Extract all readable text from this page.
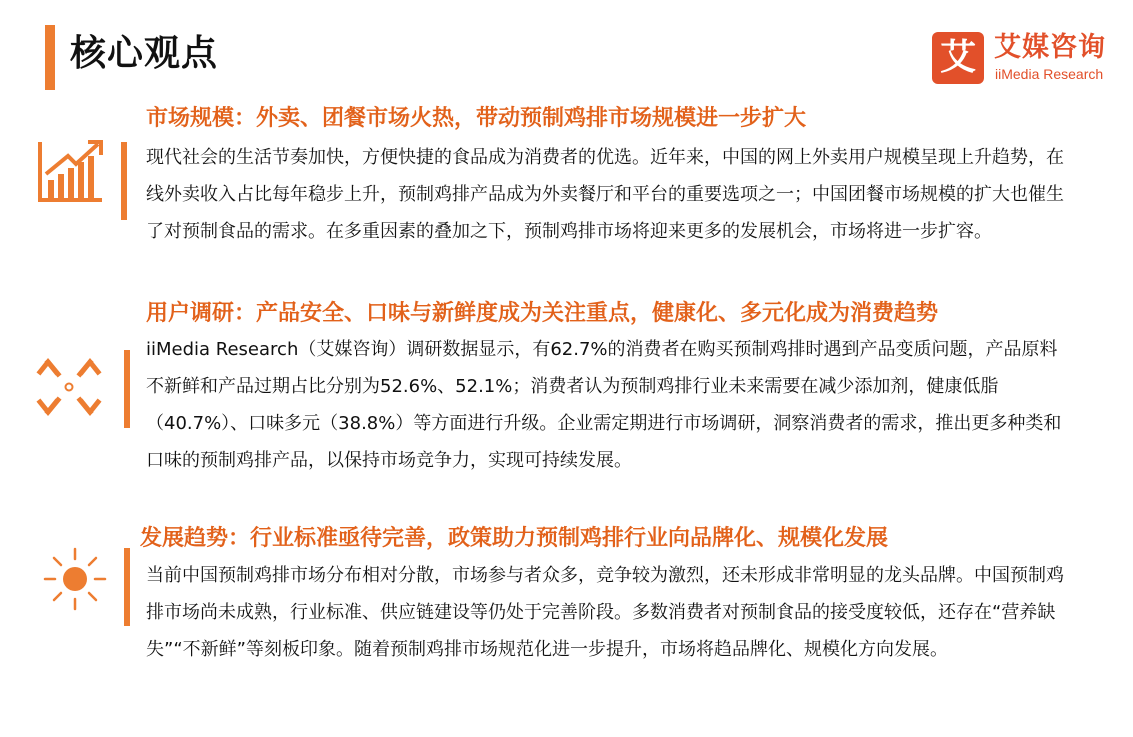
核心观点	艾 艾媒咨询
iiMedia Research
市场规模：外卖、团餐市场火热，带动预制鸡排市场规模进一步扩大

现代社会的生活节奏加快，方便快捷的食品成为消费者的优选。近年来，中国的网上外卖用户规模呈现上升趋势，在线外卖收入占比每年稳步上升，预制鸡排产品成为外卖餐厅和平台的重要选项之一；中国团餐市场规模的扩大也催生了对预制食品的需求。在多重因素的叠加之下，预制鸡排市场将迎来更多的发展机会，市场将进一步扩容。

用户调研：产品安全、口味与新鲜度成为关注重点，健康化、多元化成为消费趋势

iiMedia Research（艾媒咨询）调研数据显示，有62.7%的消费者在购买预制鸡排时遇到产品变质问题，产品原料不新鲜和产品过期占比分别为52.6%、52.1%；消费者认为预制鸡排行业未来需要在减少添加剂，健康低脂（40.7%）、口味多元（38.8%）等方面进行升级。企业需定期进行市场调研，洞察消费者的需求，推出更多种类和口味的预制鸡排产品，以保持市场竞争力，实现可持续发展。

发展趋势：行业标准亟待完善，政策助力预制鸡排行业向品牌化、规模化发展

当前中国预制鸡排市场分布相对分散，市场参与者众多，竞争较为激烈，还未形成非常明显的龙头品牌。中国预制鸡排市场尚未成熟，行业标准、供应链建设等仍处于完善阶段。多数消费者对预制食品的接受度较低，还存在“营养缺失”“不新鲜”等刻板印象。随着预制鸡排市场规范化进一步提升，市场将趋品牌化、规模化方向发展。
